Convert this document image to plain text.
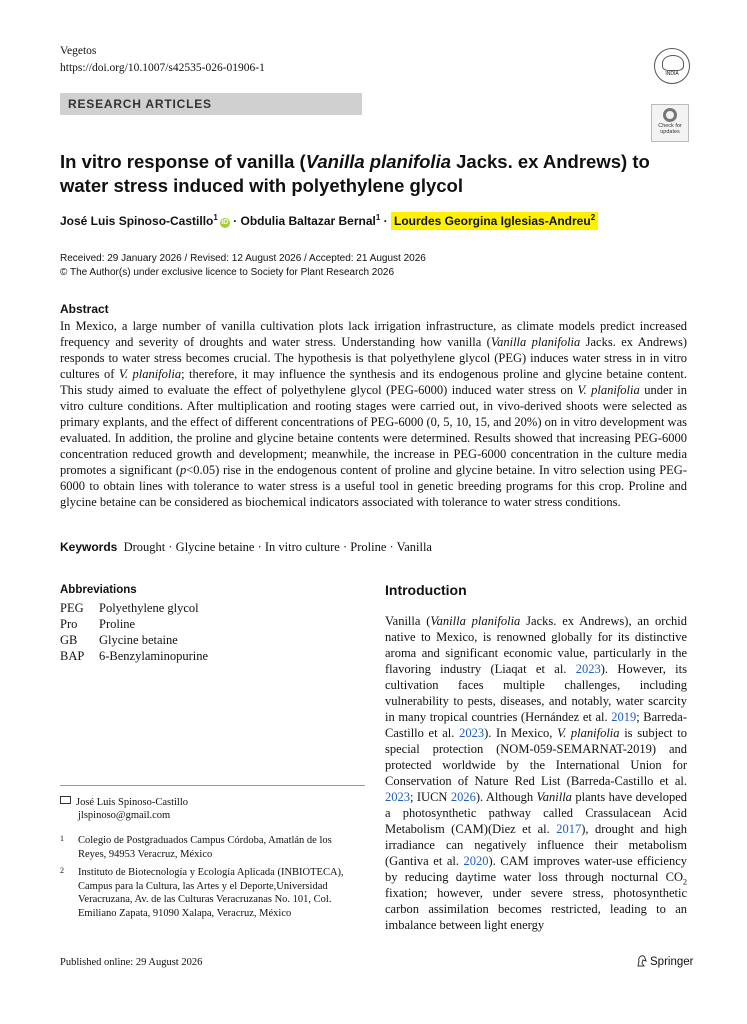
Vegetos
https://doi.org/10.1007/s42535-026-01906-1
RESEARCH ARTICLES
INDIA
Check for updates
In vitro response of vanilla (Vanilla planifolia Jacks. ex Andrews) to water stress induced with polyethylene glycol
José Luis Spinoso-Castillo$^1$iD · Obdulia Baltazar Bernal$^1$ · Lourdes Georgina Iglesias-Andreu$^2$
Received: 29 January 2026 / Revised: 12 August 2026 / Accepted: 21 August 2026
© The Author(s) under exclusive licence to Society for Plant Research 2026
Abstract
In Mexico, a large number of vanilla cultivation plots lack irrigation infrastructure, as climate models predict increased frequency and severity of droughts and water stress. Understanding how vanilla (Vanilla planifolia Jacks. ex Andrews) responds to water stress becomes crucial. The hypothesis is that polyethylene glycol (PEG) induces water stress in in vitro cultures of V. planifolia; therefore, it may influence the synthesis and its endogenous proline and glycine betaine content. This study aimed to evaluate the effect of polyethylene glycol (PEG-6000) induced water stress on V. planifolia under in vitro culture conditions. After multiplication and rooting stages were carried out, in vivo-derived shoots were selected as primary explants, and the effect of different concentrations of PEG-6000 (0, 5, 10, 15, and 20%) on in vitro development was evaluated. In addition, the proline and glycine betaine contents were determined. Results showed that increasing PEG-6000 concentration reduced growth and development; meanwhile, the increase in PEG-6000 concentration in the culture media promotes a significant (p<0.05) rise in the endogenous content of proline and glycine betaine. In vitro selection using PEG-6000 to obtain lines with tolerance to water stress is a useful tool in genetic breeding programs for this crop. Proline and glycine betaine can be considered as biochemical indicators associated with tolerance to water stress conditions.
Keywords Drought · Glycine betaine · In vitro culture · Proline · Vanilla
Abbreviations
PEG	Polyethylene glycol
Pro	Proline
GB	Glycine betaine
BAP	6-Benzylaminopurine
José Luis Spinoso-Castillo
jlspinoso@gmail.com
1 Colegio de Postgraduados Campus Córdoba, Amatlán de los Reyes, 94953 Veracruz, México
2 Instituto de Biotecnología y Ecología Aplicada (INBIOTECA), Campus para la Cultura, las Artes y el Deporte,Universidad Veracruzana, Av. de las Culturas Veracruzanas No. 101, Col. Emiliano Zapata, 91090 Xalapa, Veracruz, México
Introduction
Vanilla (Vanilla planifolia Jacks. ex Andrews), an orchid native to Mexico, is renowned globally for its distinctive aroma and significant economic value, particularly in the flavoring industry (Liaqat et al. 2023). However, its cultivation faces multiple challenges, including vulnerability to pests, diseases, and notably, water scarcity in many tropical countries (Hernández et al. 2019; Barreda-Castillo et al. 2023). In Mexico, V. planifolia is subject to special protection (NOM-059-SEMARNAT-2019) and protected worldwide by the International Union for Conservation of Nature Red List (Barreda-Castillo et al. 2023; IUCN 2026). Although Vanilla plants have developed a photosynthetic pathway called Crassulacean Acid Metabolism (CAM)(Diez et al. 2017), drought and high irradiance can negatively influence their metabolism (Gantiva et al. 2020). CAM improves water-use efficiency by reducing daytime water loss through nocturnal $CO_2$ fixation; however, under severe stress, photosynthetic carbon assimilation becomes restricted, leading to an imbalance between light energy
Published online: 29 August 2026	Springer
